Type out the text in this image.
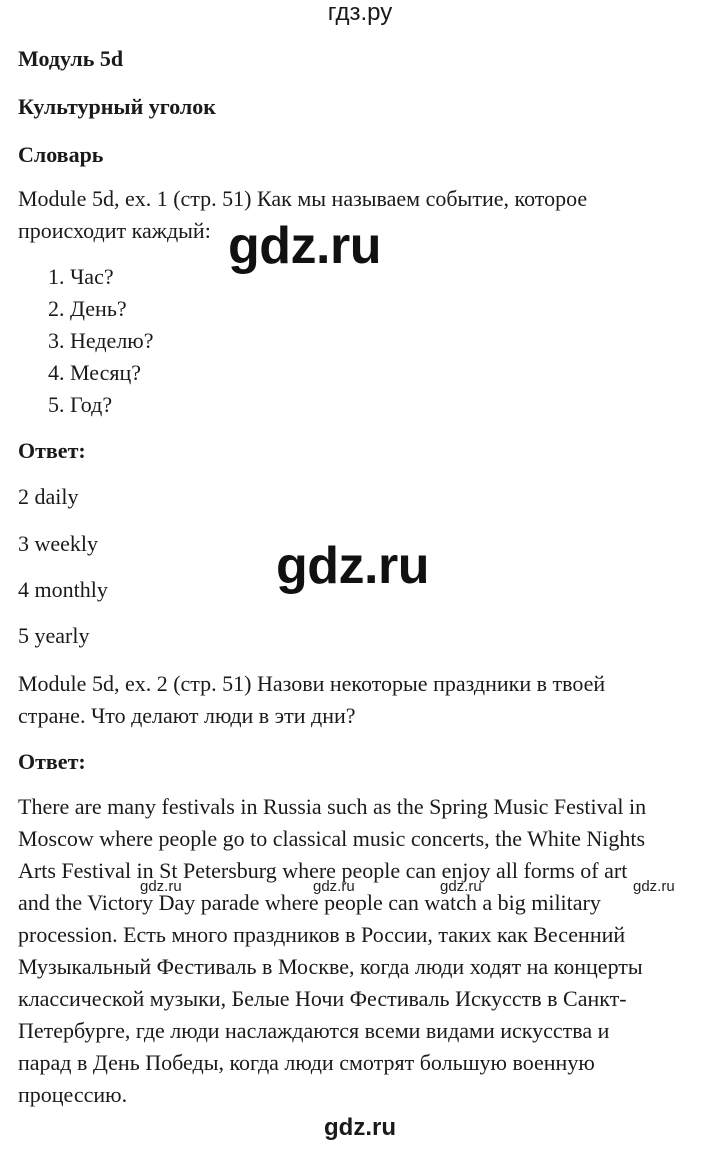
гдз.ру
Модуль 5d
Культурный уголок
Словарь
Module 5d, ex. 1 (стр. 51) Как мы называем событие, которое
происходит каждый:
1. Час?
2. День?
3. Неделю?
4. Месяц?
5. Год?
Ответ:
2 daily
3 weekly
4 monthly
5 yearly
Module 5d, ex. 2 (стр. 51) Назови некоторые праздники в твоей
стране. Что делают люди в эти дни?
Ответ:
There are many festivals in Russia such as the Spring Music Festival in
Moscow where people go to classical music concerts, the White Nights
Arts Festival in St Petersburg where people can enjoy all forms of art
and the Victory Day parade where people can watch a big military
procession. Есть много праздников в России, таких как Весенний
Музыкальный Фестиваль в Москве, когда люди ходят на концерты
классической музыки, Белые Ночи Фестиваль Искусств в Санкт-
Петербурге, где люди наслаждаются всеми видами искусства и
парад в День Победы, когда люди смотрят большую военную
процессию.
gdz.ru
gdz.ru
gdz.ru	gdz.ru	gdz.ru	gdz.ru
gdz.ru
